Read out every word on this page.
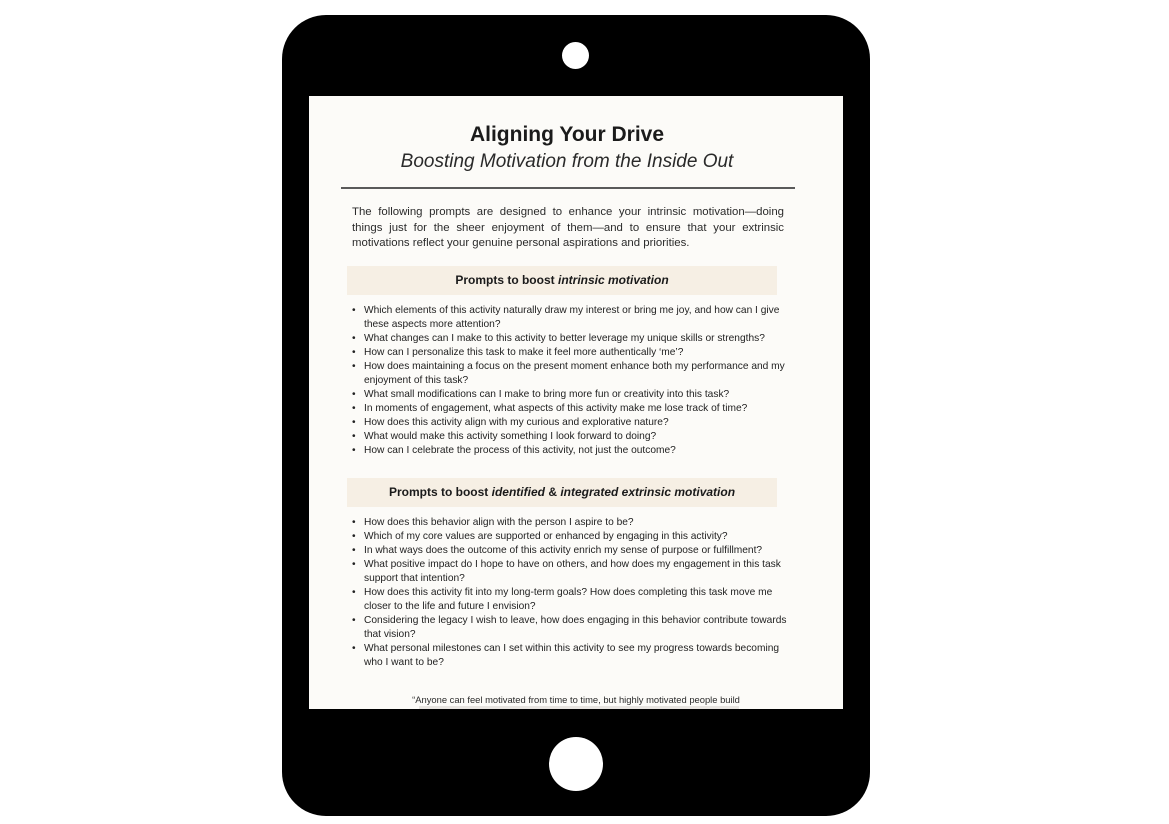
Aligning Your Drive
Boosting Motivation from the Inside Out
The following prompts are designed to enhance your intrinsic motivation—doing things just for the sheer enjoyment of them—and to ensure that your extrinsic motivations reflect your genuine personal aspirations and priorities.
Prompts to boost intrinsic motivation
• Which elements of this activity naturally draw my interest or bring me joy, and how can I give these aspects more attention?
• What changes can I make to this activity to better leverage my unique skills or strengths?
• How can I personalize this task to make it feel more authentically ‘me’?
• How does maintaining a focus on the present moment enhance both my performance and my enjoyment of this task?
• What small modifications can I make to bring more fun or creativity into this task?
• In moments of engagement, what aspects of this activity make me lose track of time?
• How does this activity align with my curious and explorative nature?
• What would make this activity something I look forward to doing?
• How can I celebrate the process of this activity, not just the outcome?
Prompts to boost identified & integrated extrinsic motivation
• How does this behavior align with the person I aspire to be?
• Which of my core values are supported or enhanced by engaging in this activity?
• In what ways does the outcome of this activity enrich my sense of purpose or fulfillment?
• What positive impact do I hope to have on others, and how does my engagement in this task support that intention?
• How does this activity fit into my long-term goals? How does completing this task move me closer to the life and future I envision?
• Considering the legacy I wish to leave, how does engaging in this behavior contribute towards that vision?
• What personal milestones can I set within this activity to see my progress towards becoming who I want to be?
“Anyone can feel motivated from time to time, but highly motivated people build
